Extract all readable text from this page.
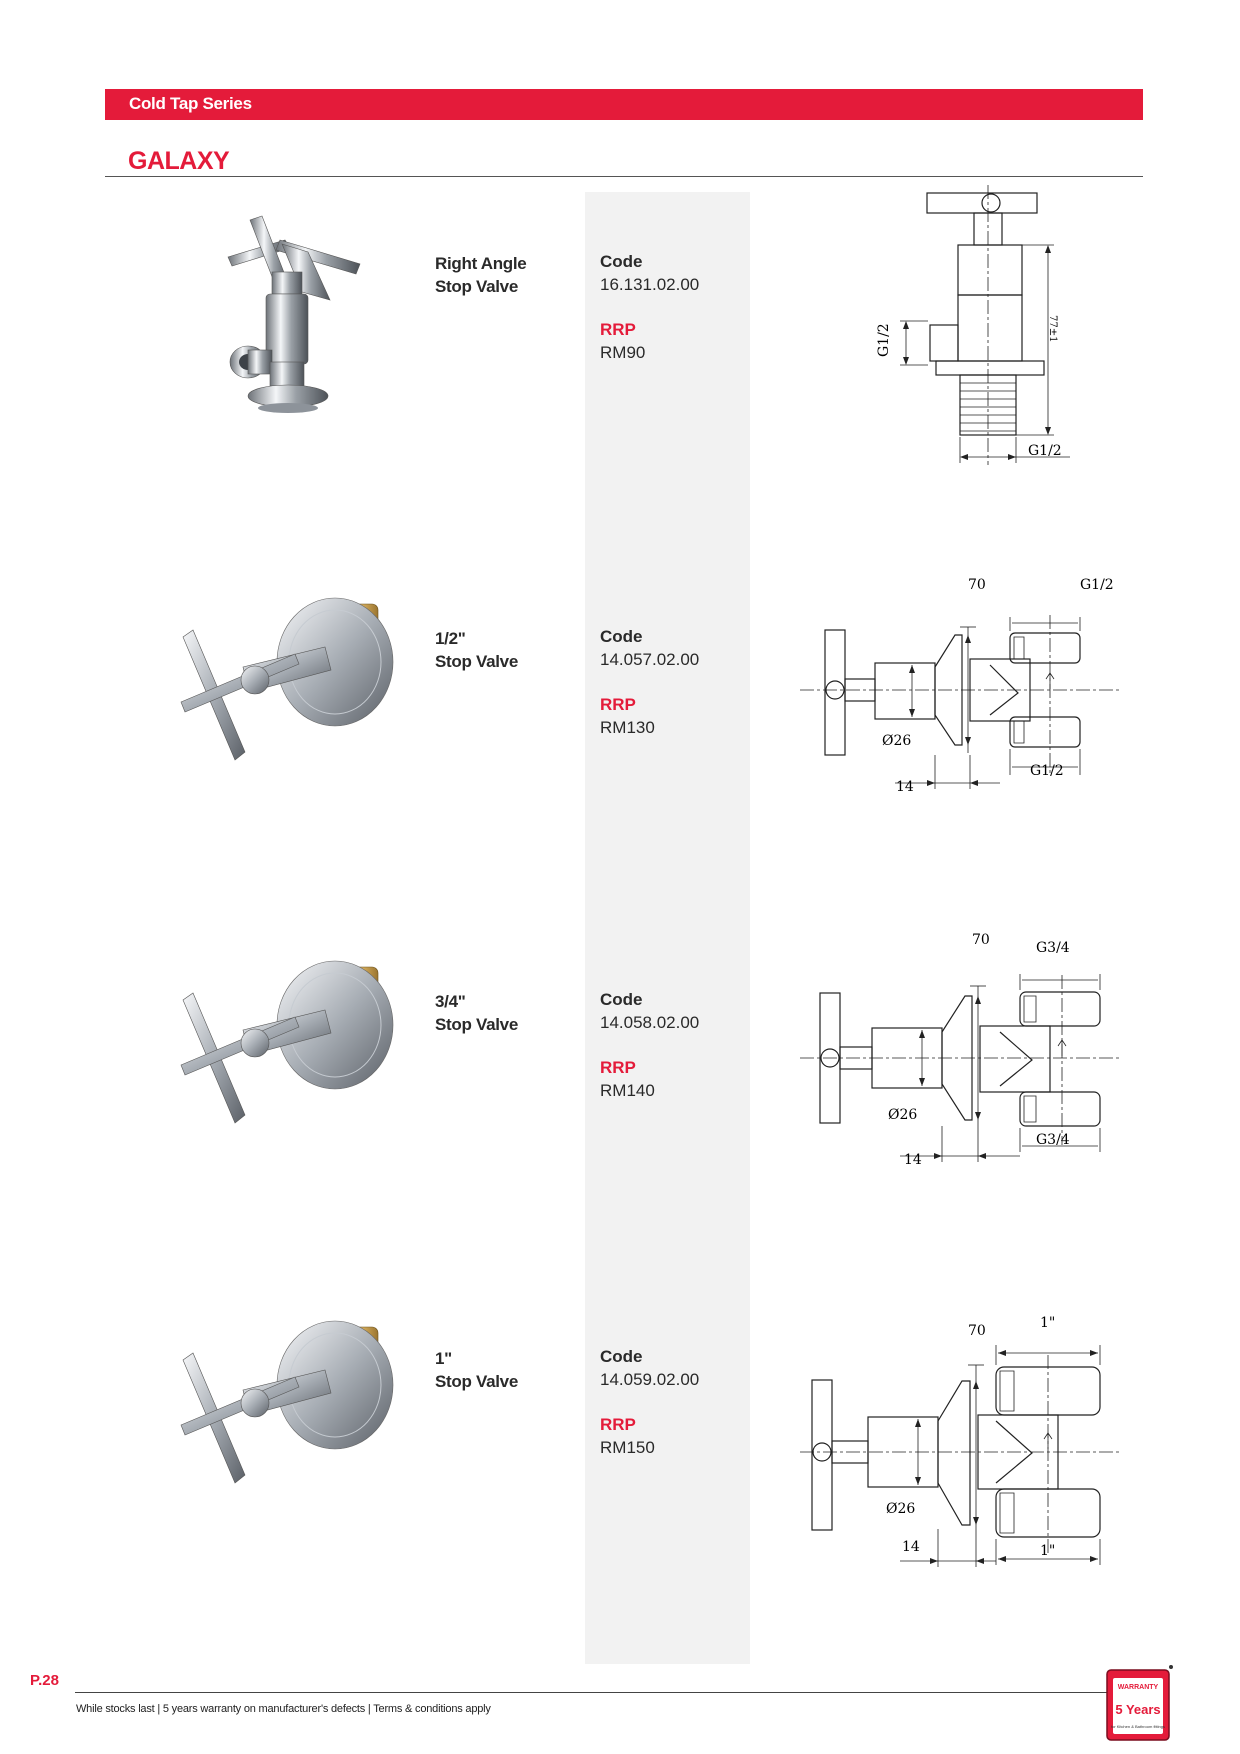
Cold Tap Series
GALAXY
Right Angle
Stop Valve
Code
16.131.02.00
RRP
RM90
77±1
G1/2
G1/2
1/2"
Stop Valve
Code
14.057.02.00
RRP
RM130
70	G1/2
Ø26
G1/2
14
3/4"
Stop Valve
Code
14.058.02.00
RRP
RM140
70	G3/4
Ø26
G3/4
14
1"
Stop Valve
Code
14.059.02.00
RRP
RM150
70	1"
Ø26
1"
14
P.28
While stocks last | 5 years warranty on manufacturer's defects | Terms & conditions apply
WARRANTY
5 Years
for Kitchen & Bathroom fittings
